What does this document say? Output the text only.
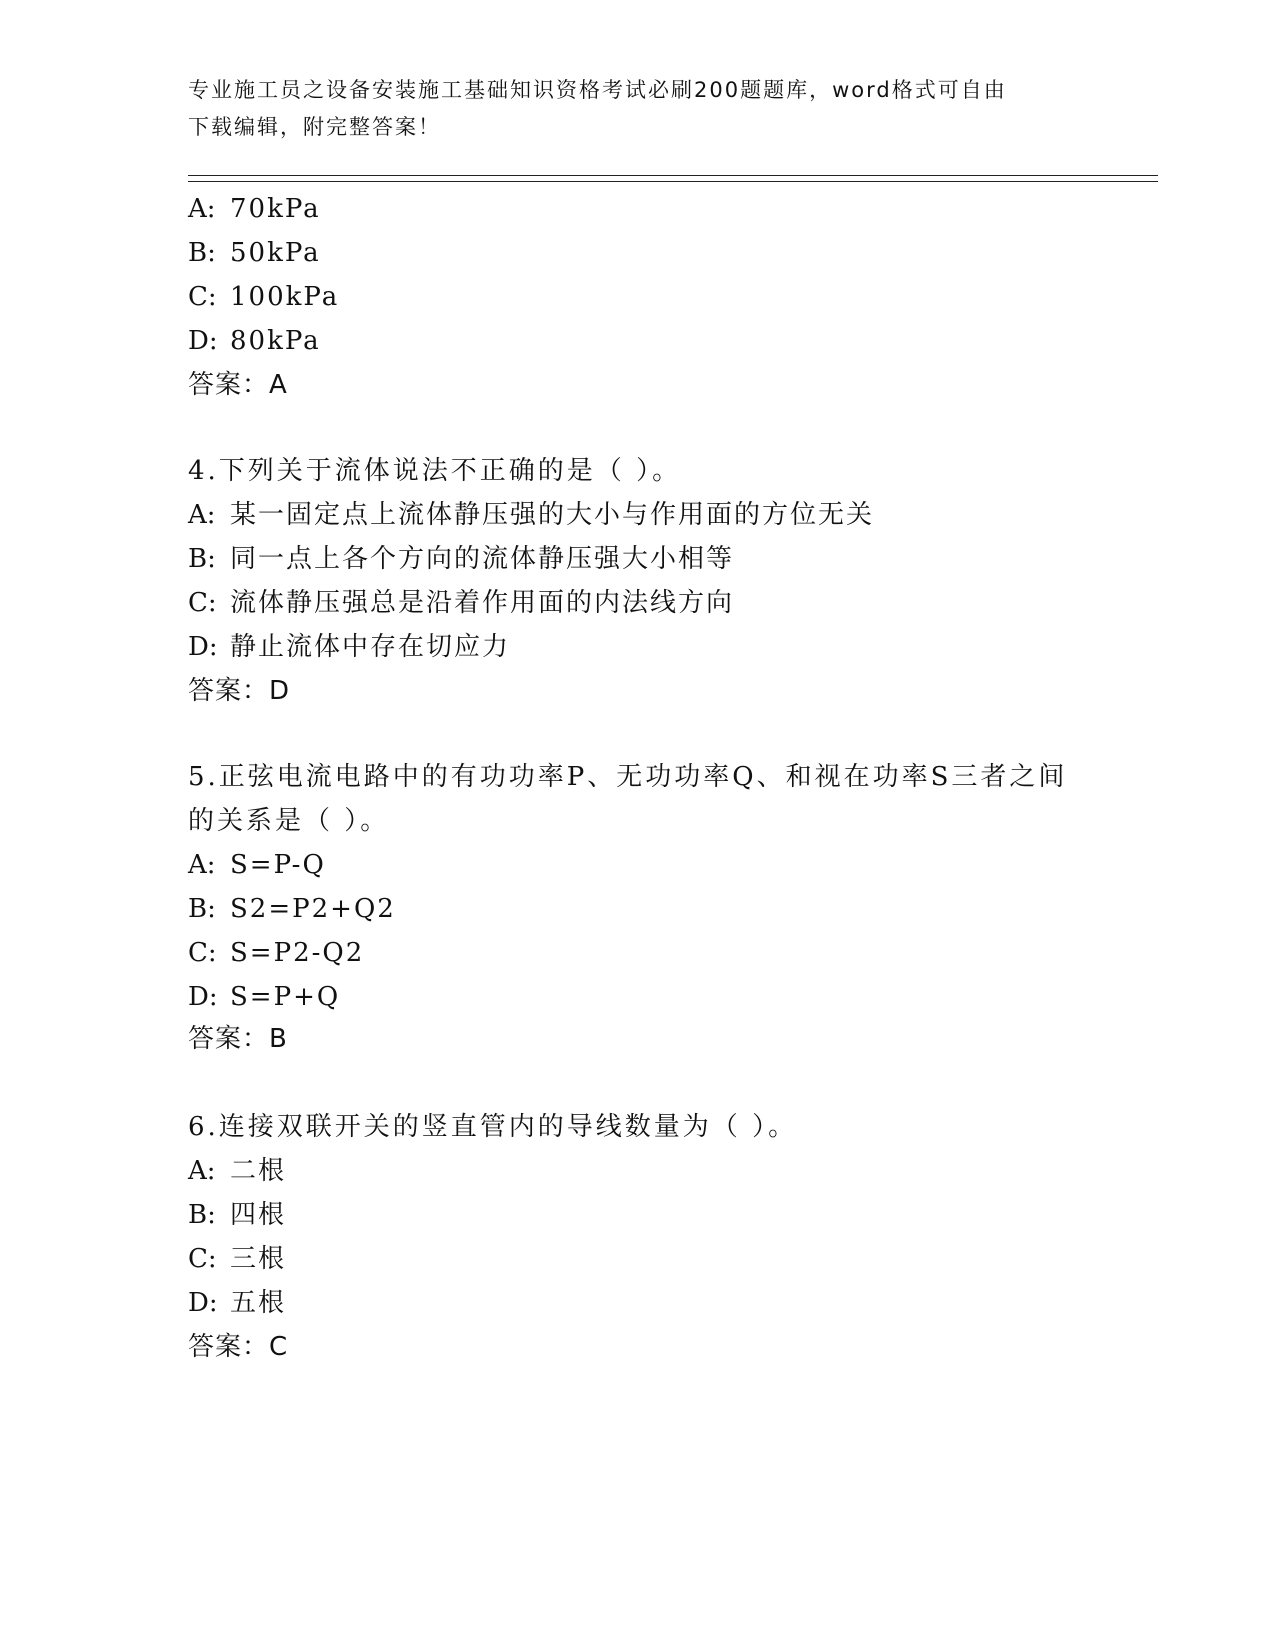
专业施工员之设备安装施工基础知识资格考试必刷200题题库，word格式可自由
下载编辑，附完整答案！
A: 70kPa
B: 50kPa
C: 100kPa
D: 80kPa
答案：A
4.下列关于流体说法不正确的是（ ）。
A: 某一固定点上流体静压强的大小与作用面的方位无关
B: 同一点上各个方向的流体静压强大小相等
C: 流体静压强总是沿着作用面的内法线方向
D: 静止流体中存在切应力
答案：D
5.正弦电流电路中的有功功率P、无功功率Q、和视在功率S三者之间
的关系是（ ）。
A: S=P-Q
B: S2=P2+Q2
C: S=P2-Q2
D: S=P+Q
答案：B
6.连接双联开关的竖直管内的导线数量为（ ）。
A: 二根
B: 四根
C: 三根
D: 五根
答案：C
